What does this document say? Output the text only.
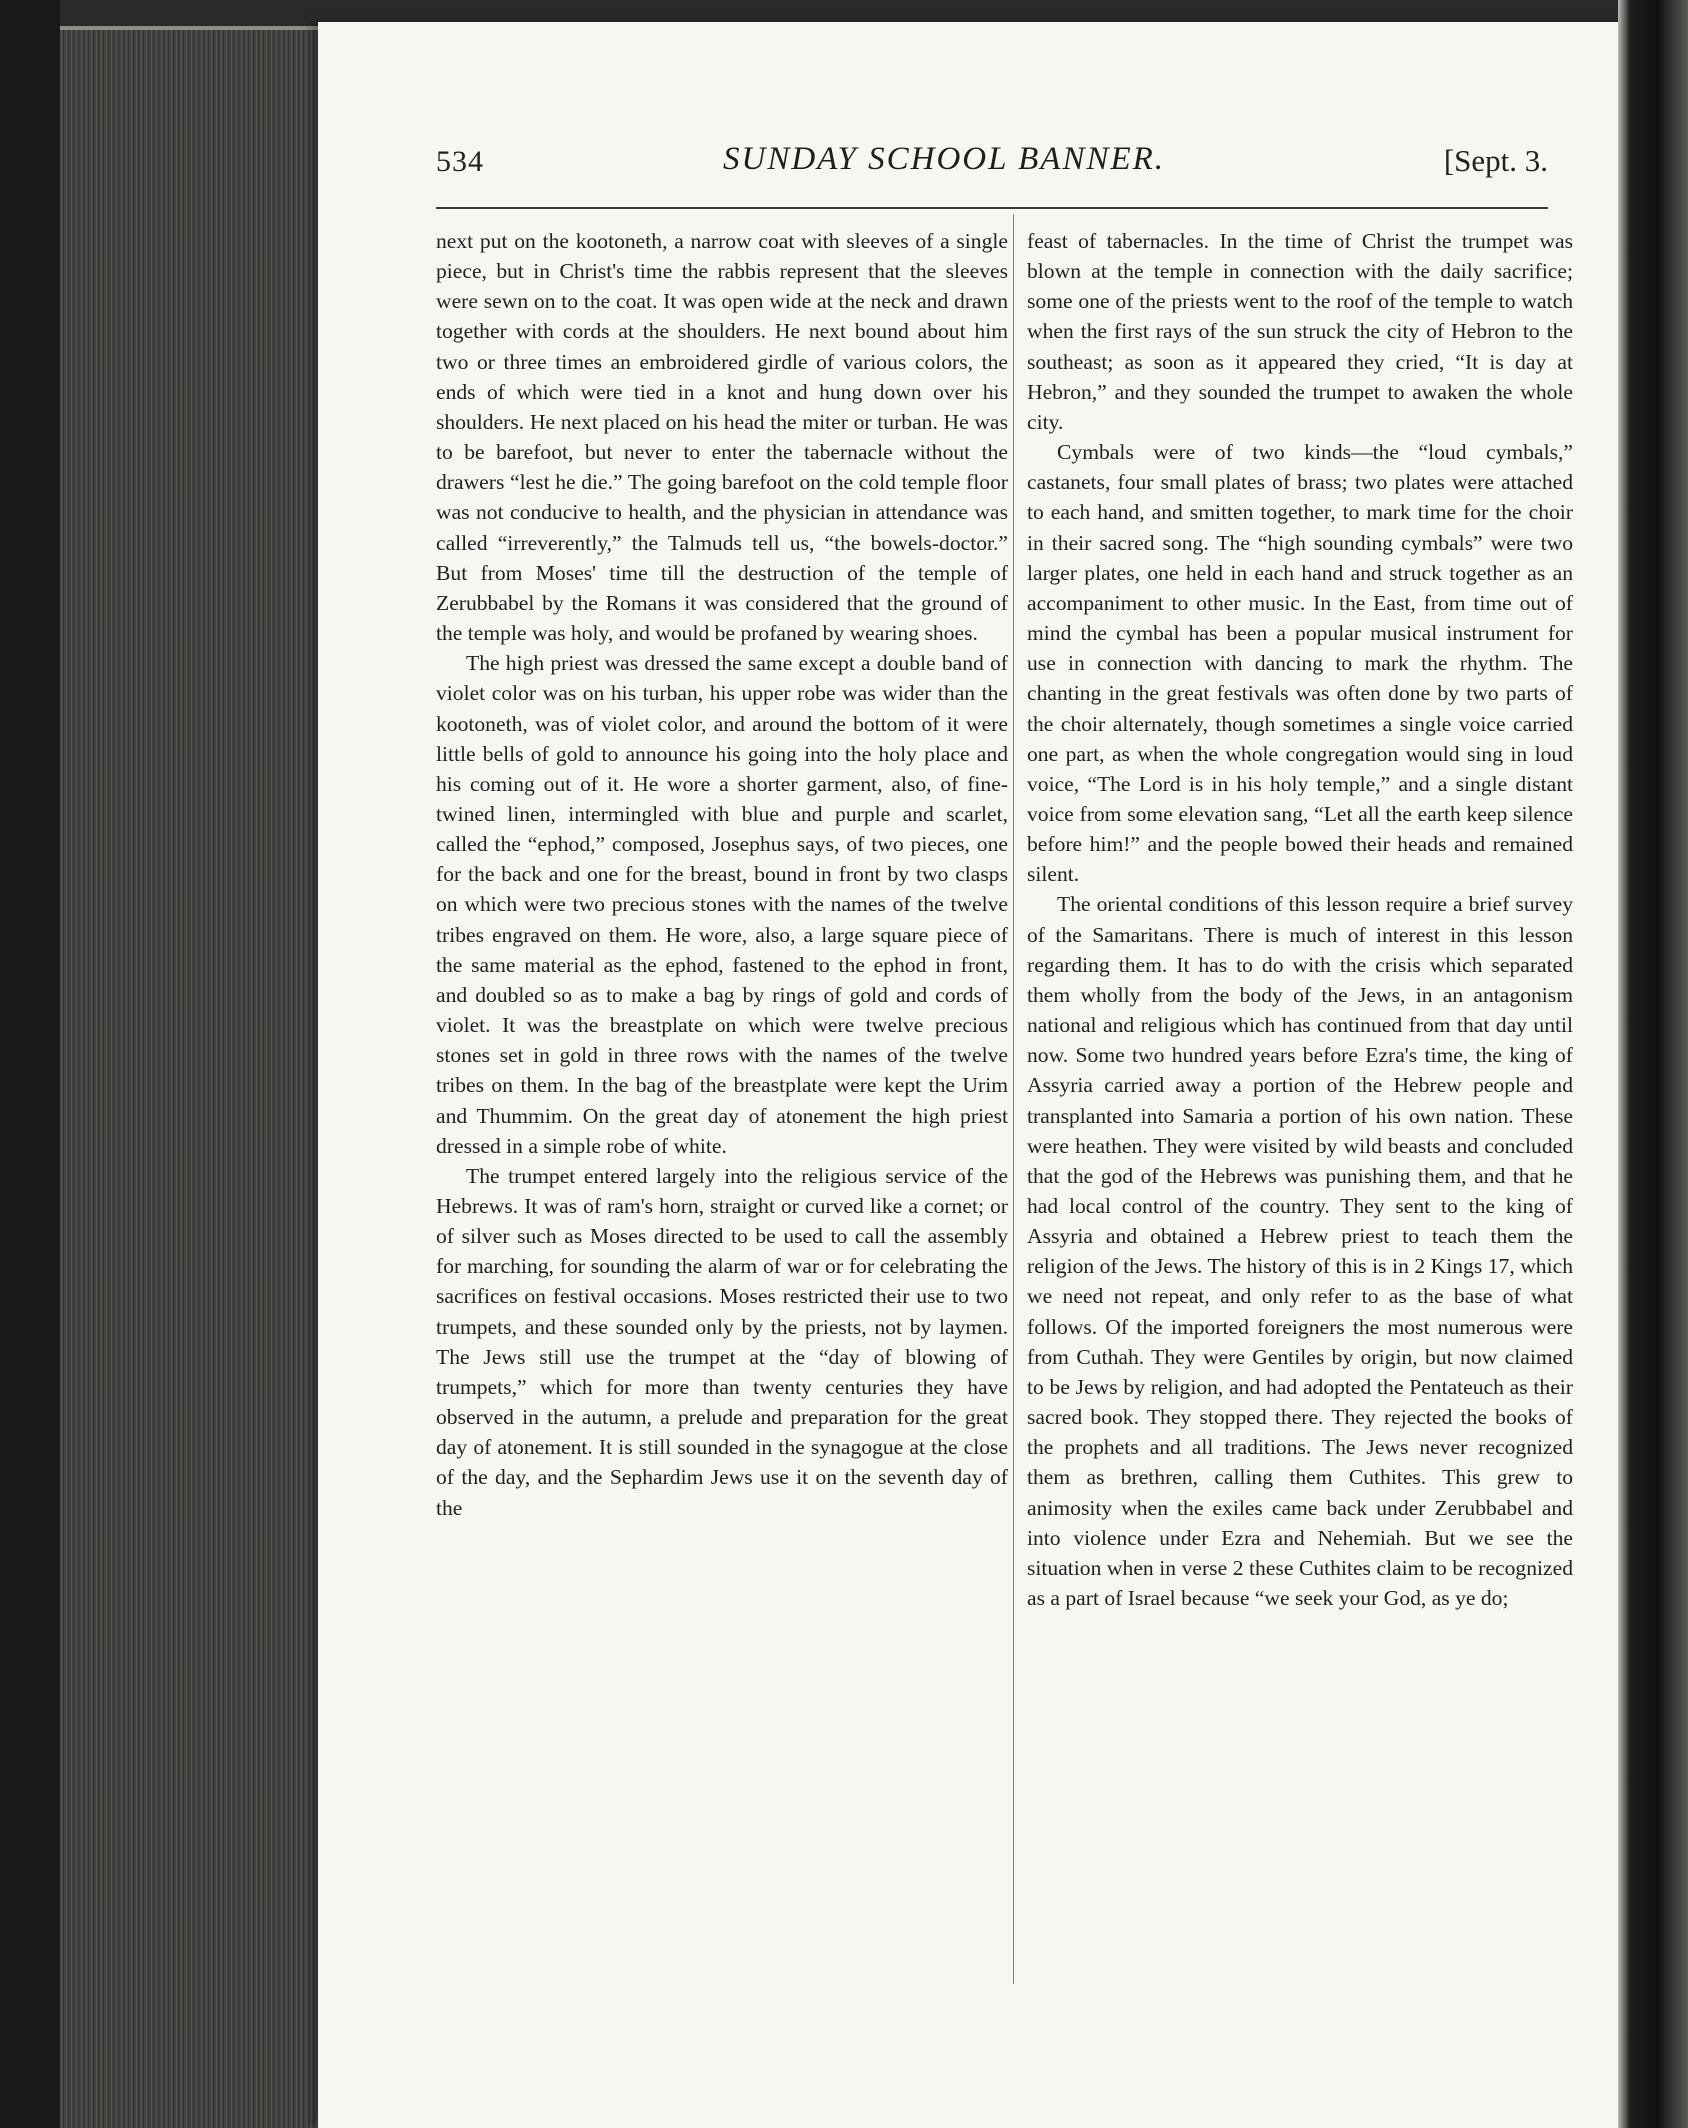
534	SUNDAY SCHOOL BANNER.	[Sept. 3.

next put on the kootoneth, a narrow coat with sleeves of a single piece, but in Christ's time the rabbis represent that the sleeves were sewn on to the coat. It was open wide at the neck and drawn together with cords at the shoulders. He next bound about him two or three times an embroidered girdle of various colors, the ends of which were tied in a knot and hung down over his shoulders. He next placed on his head the miter or turban. He was to be barefoot, but never to enter the tabernacle without the drawers “lest he die.” The going barefoot on the cold temple floor was not conducive to health, and the physician in attendance was called “irreverently,” the Talmuds tell us, “the bowels-doctor.” But from Moses' time till the destruction of the temple of Zerubbabel by the Romans it was considered that the ground of the temple was holy, and would be profaned by wearing shoes.

The high priest was dressed the same except a double band of violet color was on his turban, his upper robe was wider than the kootoneth, was of violet color, and around the bottom of it were little bells of gold to announce his going into the holy place and his coming out of it. He wore a shorter garment, also, of fine-twined linen, intermingled with blue and purple and scarlet, called the “ephod,” composed, Josephus says, of two pieces, one for the back and one for the breast, bound in front by two clasps on which were two precious stones with the names of the twelve tribes engraved on them. He wore, also, a large square piece of the same material as the ephod, fastened to the ephod in front, and doubled so as to make a bag by rings of gold and cords of violet. It was the breastplate on which were twelve precious stones set in gold in three rows with the names of the twelve tribes on them. In the bag of the breastplate were kept the Urim and Thummim. On the great day of atonement the high priest dressed in a simple robe of white.

The trumpet entered largely into the religious service of the Hebrews. It was of ram's horn, straight or curved like a cornet; or of silver such as Moses directed to be used to call the assembly for marching, for sounding the alarm of war or for celebrating the sacrifices on festival occasions. Moses restricted their use to two trumpets, and these sounded only by the priests, not by laymen. The Jews still use the trumpet at the “day of blowing of trumpets,” which for more than twenty centuries they have observed in the autumn, a prelude and preparation for the great day of atonement. It is still sounded in the synagogue at the close of the day, and the Sephardim Jews use it on the seventh day of the

feast of tabernacles. In the time of Christ the trumpet was blown at the temple in connection with the daily sacrifice; some one of the priests went to the roof of the temple to watch when the first rays of the sun struck the city of Hebron to the southeast; as soon as it appeared they cried, “It is day at Hebron,” and they sounded the trumpet to awaken the whole city.

Cymbals were of two kinds—the “loud cymbals,” castanets, four small plates of brass; two plates were attached to each hand, and smitten together, to mark time for the choir in their sacred song. The “high sounding cymbals” were two larger plates, one held in each hand and struck together as an accompaniment to other music. In the East, from time out of mind the cymbal has been a popular musical instrument for use in connection with dancing to mark the rhythm. The chanting in the great festivals was often done by two parts of the choir alternately, though sometimes a single voice carried one part, as when the whole congregation would sing in loud voice, “The Lord is in his holy temple,” and a single distant voice from some elevation sang, “Let all the earth keep silence before him!” and the people bowed their heads and remained silent.

The oriental conditions of this lesson require a brief survey of the Samaritans. There is much of interest in this lesson regarding them. It has to do with the crisis which separated them wholly from the body of the Jews, in an antagonism national and religious which has continued from that day until now. Some two hundred years before Ezra's time, the king of Assyria carried away a portion of the Hebrew people and transplanted into Samaria a portion of his own nation. These were heathen. They were visited by wild beasts and concluded that the god of the Hebrews was punishing them, and that he had local control of the country. They sent to the king of Assyria and obtained a Hebrew priest to teach them the religion of the Jews. The history of this is in 2 Kings 17, which we need not repeat, and only refer to as the base of what follows. Of the imported foreigners the most numerous were from Cuthah. They were Gentiles by origin, but now claimed to be Jews by religion, and had adopted the Pentateuch as their sacred book. They stopped there. They rejected the books of the prophets and all traditions. The Jews never recognized them as brethren, calling them Cuthites. This grew to animosity when the exiles came back under Zerubbabel and into violence under Ezra and Nehemiah. But we see the situation when in verse 2 these Cuthites claim to be recognized as a part of Israel because “we seek your God, as ye do;
